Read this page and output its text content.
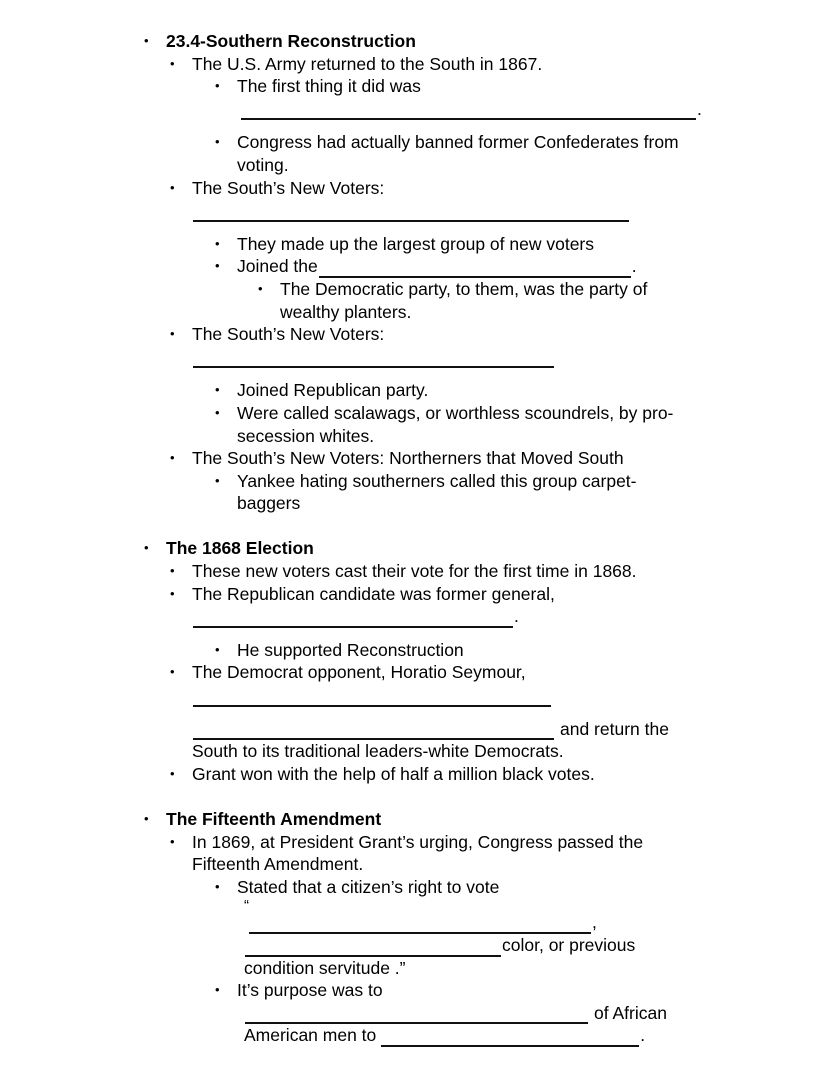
•
23.4-Southern Reconstruction
•
The U.S. Army returned to the South in 1867.
•
The first thing it did was
.
•
Congress had actually banned former Confederates from voting.
•
The South’s New Voters:
•
They made up the largest group of new voters
•
Joined the	.
•
The Democratic party, to them, was the party of wealthy planters.
•
The South’s New Voters:
•
Joined Republican party.
•
Were called scalawags, or worthless scoundrels, by pro-secession whites.
•
The South’s New Voters: Northerners that Moved South
•
Yankee hating southerners called this group carpet-baggers
•
The 1868 Election
•
These new voters cast their vote for the first time in 1868.
•
The Republican candidate was former general,
.
•
He supported Reconstruction
•
The Democrat opponent, Horatio Seymour,
and return the
South to its traditional leaders-white Democrats.
•
Grant won with the help of half a million black votes.
•
The Fifteenth Amendment
•
In 1869, at President Grant’s urging, Congress passed the Fifteenth Amendment.
•
Stated that a citizen’s right to vote
“
,
color, or previous
condition servitude .”
•
It’s purpose was to
of African
American men to	.
